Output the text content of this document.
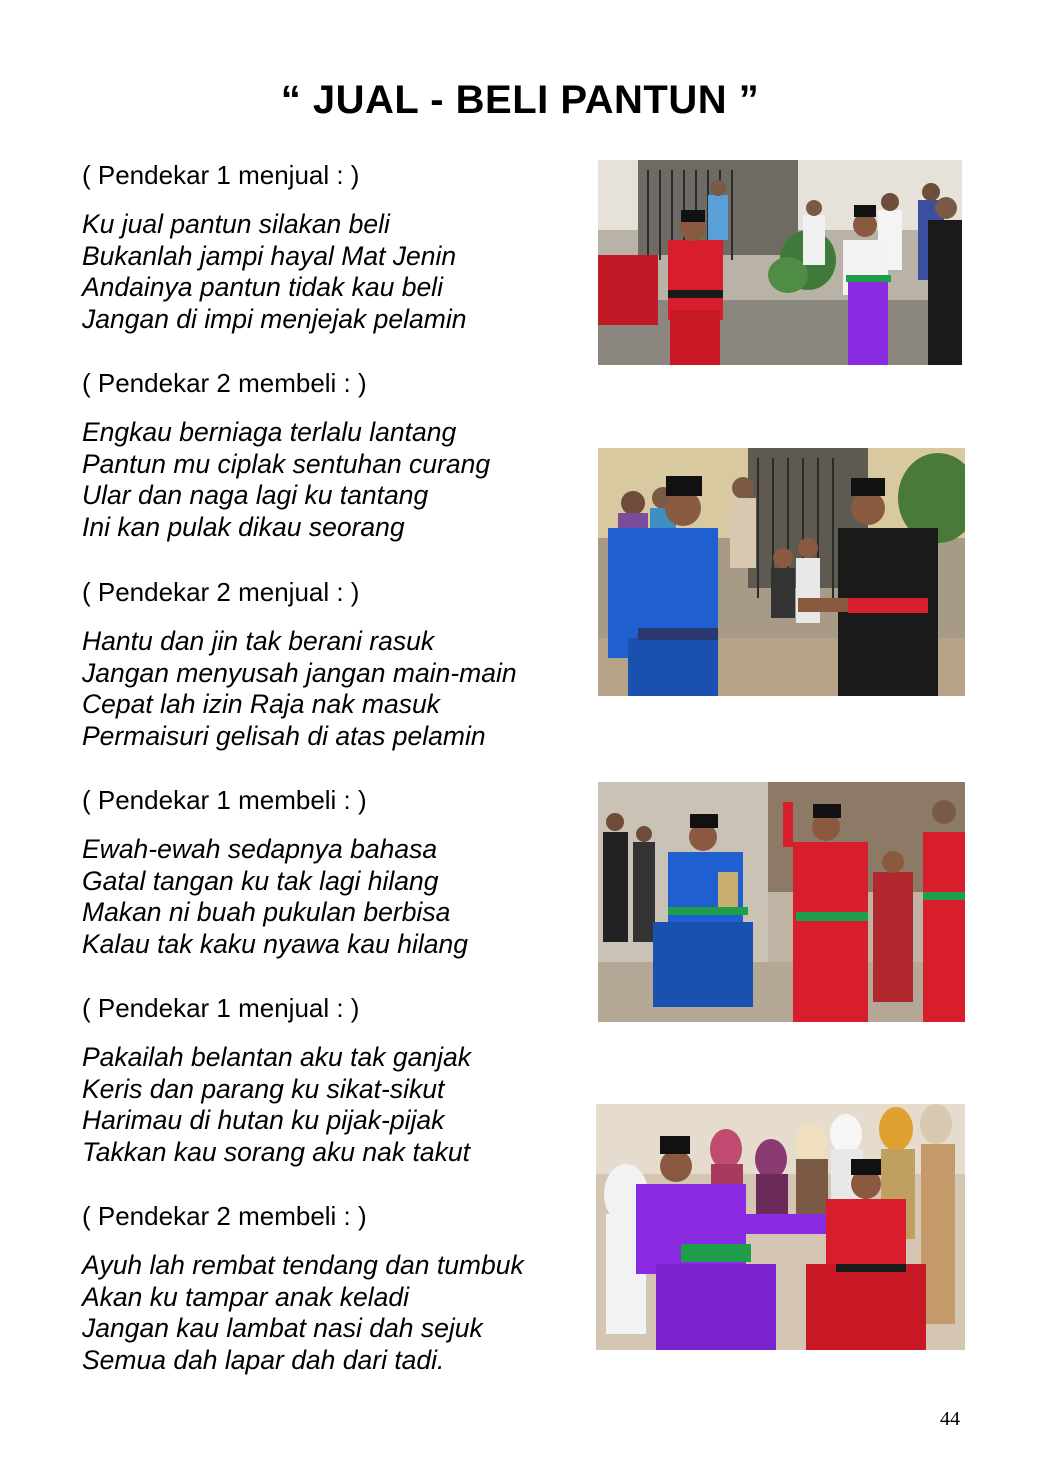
“ JUAL - BELI PANTUN ”

( Pendekar 1 menjual : )

Ku jual pantun silakan beli
Bukanlah jampi hayal Mat Jenin
Andainya pantun tidak kau beli
Jangan di impi menjejak pelamin

( Pendekar 2 membeli : )

Engkau berniaga terlalu lantang
Pantun mu ciplak sentuhan curang
Ular dan naga lagi ku tantang
Ini kan pulak dikau seorang

( Pendekar 2 menjual : )

Hantu dan jin tak berani rasuk
Jangan menyusah jangan main-main
Cepat lah izin Raja nak masuk
Permaisuri gelisah di atas pelamin

( Pendekar 1 membeli : )

Ewah-ewah sedapnya bahasa
Gatal tangan ku tak lagi hilang
Makan ni buah pukulan berbisa
Kalau tak kaku nyawa kau hilang

( Pendekar 1 menjual : )

Pakailah belantan aku tak ganjak
Keris dan parang ku sikat-sikut
Harimau di hutan ku pijak-pijak
Takkan kau sorang aku nak takut

( Pendekar 2 membeli : )

Ayuh lah rembat tendang dan tumbuk
Akan ku tampar anak keladi
Jangan kau lambat nasi dah sejuk
Semua dah lapar dah dari tadi.
44
